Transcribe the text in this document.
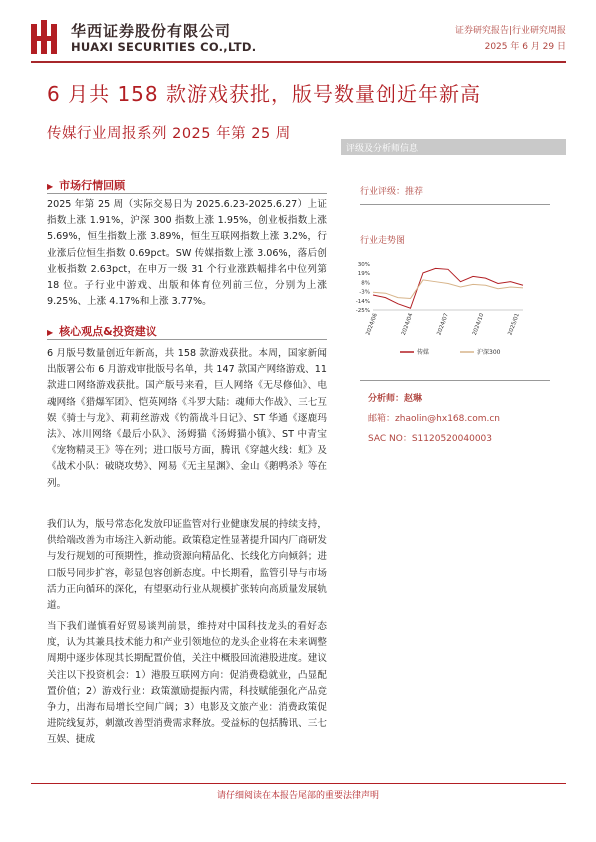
华西证券股份有限公司
HUAXI SECURITIES CO.,LTD.
证券研究报告|行业研究周报
2025 年 6 月 29 日
6 月共 158 款游戏获批，版号数量创近年新高
传媒行业周报系列 2025 年第 25 周
▶ 市场行情回顾
2025 年第 25 周（实际交易日为 2025.6.23-2025.6.27）上证指数上涨 1.91%，沪深 300 指数上涨 1.95%，创业板指数上涨 5.69%，恒生指数上涨 3.89%，恒生互联网指数上涨 3.2%，行业涨后位恒生指数 0.69pct。SW 传媒指数上涨 3.06%，落后创业板指数 2.63pct，在申万一级 31 个行业涨跌幅排名中位列第 18 位。子行业中游戏、出版和体育位列前三位，分别为上涨 9.25%、上涨 4.17%和上涨 3.77%。
▶ 核心观点&投资建议
6 月版号数量创近年新高，共 158 款游戏获批。本周，国家新闻出版署公布 6 月游戏审批版号名单，共 147 款国产网络游戏、11 款进口网络游戏获批。国产版号来看，巨人网络《无尽修仙》、电魂网络《猎爆军团》、恺英网络《斗罗大陆：魂师大作战》、三七互娱《骑士与龙》、莉莉丝游戏《钓箭战斗日记》、ST 华通《逐鹿玛法》、冰川网络《最后小队》、汤姆猫《汤姆猫小镇》、ST 中青宝《宠物精灵王》等在列；进口版号方面，腾讯《穿越火线：虹》及《战术小队：破晓攻势》、网易《无主星渊》、金山《鹅鸭杀》等在列。
我们认为，版号常态化发放印证监管对行业健康发展的持续支持，供给端改善为市场注入新动能。政策稳定性显著提升国内厂商研发与发行规划的可预期性，推动资源向精品化、长线化方向倾斜；进口版号同步扩容，彰显包容创新态度。中长期看，监管引导与市场活力正向循环的深化，有望驱动行业从规模扩张转向高质量发展轨道。
当下我们谨慎看好贸易谈判前景，维持对中国科技龙头的看好态度，认为其兼具技术能力和产业引领地位的龙头企业将在未来调整周期中逐步体现其长期配置价值，关注中概股回流港股进度。建议关注以下投资机会：1）港股互联网方向：促消费稳就业，凸显配置价值；2）游戏行业：政策激励提振内需，科技赋能强化产品竞争力，出海布局增长空间广阔；3）电影及文旅产业：消费政策促进院线复苏，刺激改善型消费需求释放。受益标的包括腾讯、三七互娱、捷成
评级及分析师信息
行业评级：推荐
行业走势图
30%
19%
8%
-3%
-14%
-25%
2024/06	2024/04	2024/07	2024/10	2025/01
传媒	沪深300
分析师：赵琳
邮箱：zhaolin@hx168.com.cn
SAC NO：S1120520040003
请仔细阅读在本报告尾部的重要法律声明
